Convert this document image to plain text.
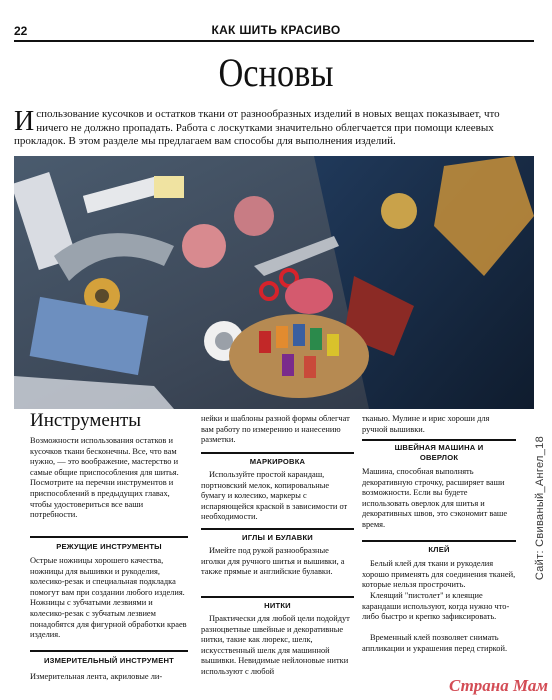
22	КАК ШИТЬ КРАСИВО
Основы
И спользование кусочков и остатков ткани от разнообразных изделий в новых вещах показывает, что ничего не должно пропадать. Работа с лоскутками значительно облегчается при помощи клеевых прокладок. В этом разделе мы предлагаем вам способы для выполнения изделий.
Инструменты
Возможности использования остатков и кусочков ткани бесконечны. Все, что вам нужно, — это воображение, мастерство и самые общие приспособления для шитья. Посмотрите на перечни инструментов и приспособлений в предыдущих главах, чтобы удостовериться все ваши потребности.
РЕЖУЩИЕ ИНСТРУМЕНТЫ
Острые ножницы хорошего качества, ножницы для вышивки и рукоделия, колесико-резак и специальная подкладка помогут вам при создании любого изделия. Ножницы с зубчатыми лезвиями и колесико-резак с зубчатым лезвием понадобятся для фигурной обработки краев изделия.
ИЗМЕРИТЕЛЬНЫЙ ИНСТРУМЕНТ
Измерительная лента, акриловые ли-
нейки и шаблоны разной формы облегчат вам работу по измерению и нанесению разметки.
МАРКИРОВКА
Используйте простой карандаш, портновский мелок, копировальные бумагу и колесико, маркеры с испаряющейся краской в зависимости от необходимости.
ИГЛЫ И БУЛАВКИ
Имейте под рукой разнообразные иголки для ручного шитья и вышивки, а также прямые и английские булавки.
НИТКИ
Практически для любой цели подойдут разноцветные швейные и декоративные нитки, такие как люрекс, шелк, искусственный шелк для машинной вышивки. Невидимые нейлоновые нитки используют с любой
тканью. Мулине и ирис хороши для ручной вышивки.
ШВЕЙНАЯ МАШИНА И ОВЕРЛОК
Машина, способная выполнять декоративную строчку, расширяет ваши возможности. Если вы будете использовать оверлок для шитья и декоративных швов, это сэкономит ваше время.
КЛЕЙ
Белый клей для ткани и рукоделия хорошо применять для соединения тканей, которые нельзя прострочить.
Клеящий "пистолет" и клеящие карандаши используют, когда нужно что-либо быстро и крепко зафиксировать.
Временный клей позволяет снимать аппликации и украшения перед стиркой.
Сайт: Свиваный_Ангел_18
Страна Мам
